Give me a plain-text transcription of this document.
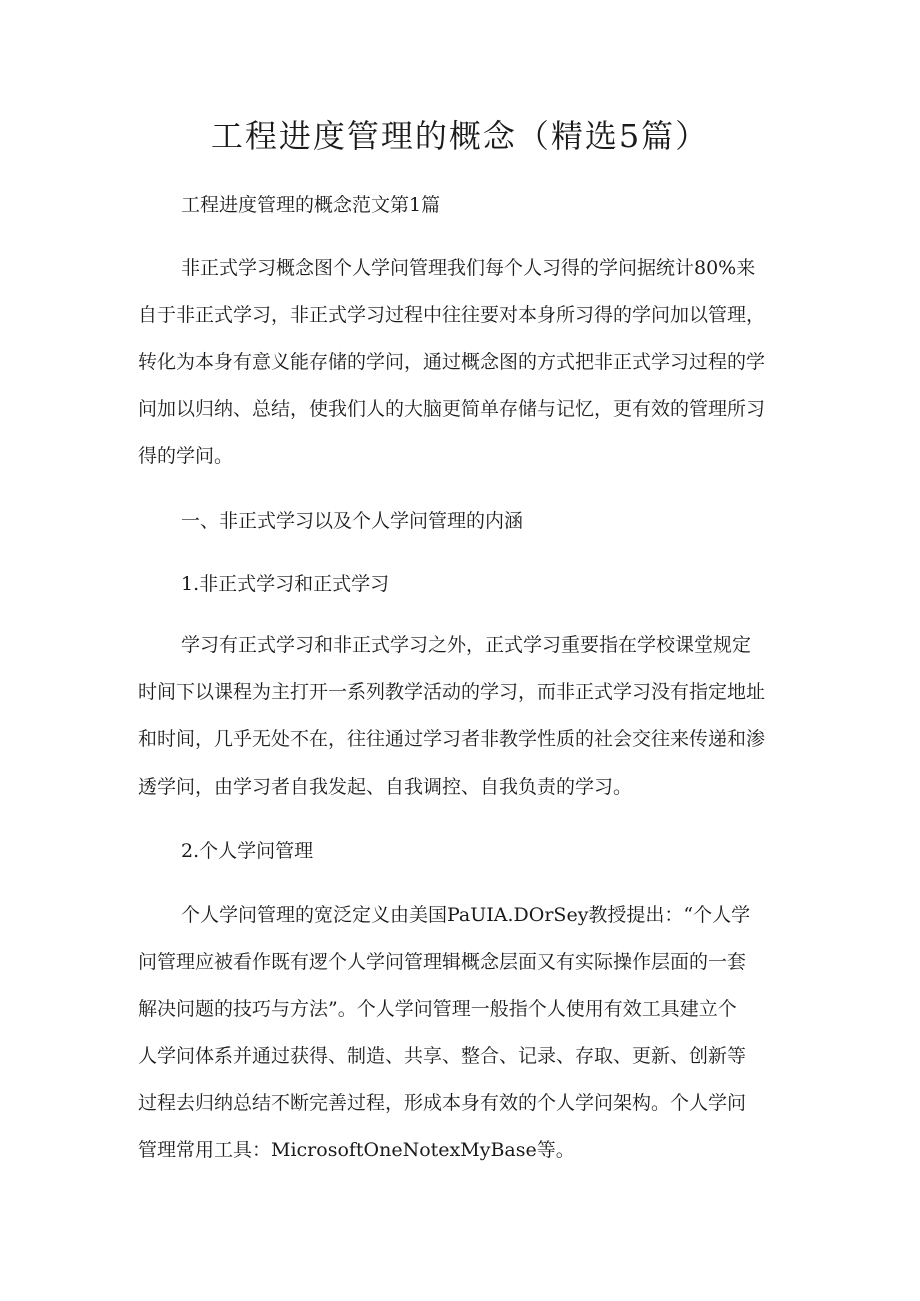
工程进度管理的概念（精选5篇）
工程进度管理的概念范文第1篇
非正式学习概念图个人学问管理我们每个人习得的学问据统计80%来
自于非正式学习，非正式学习过程中往往要对本身所习得的学问加以管理，
转化为本身有意义能存储的学问，通过概念图的方式把非正式学习过程的学
问加以归纳、总结，使我们人的大脑更简单存储与记忆，更有效的管理所习
得的学问。
一、非正式学习以及个人学问管理的内涵
1.非正式学习和正式学习
学习有正式学习和非正式学习之外，正式学习重要指在学校课堂规定
时间下以课程为主打开一系列教学活动的学习，而非正式学习没有指定地址
和时间，几乎无处不在，往往通过学习者非教学性质的社会交往来传递和渗
透学问，由学习者自我发起、自我调控、自我负责的学习。
2.个人学问管理
个人学问管理的宽泛定义由美国PaUIA.DOrSey教授提出：“个人学
问管理应被看作既有逻个人学问管理辑概念层面又有实际操作层面的一套
解决问题的技巧与方法”。个人学问管理一般指个人使用有效工具建立个
人学问体系并通过获得、制造、共享、整合、记录、存取、更新、创新等
过程去归纳总结不断完善过程，形成本身有效的个人学问架构。个人学问
管理常用工具：MicrosoftOneNotexMyBase等。
